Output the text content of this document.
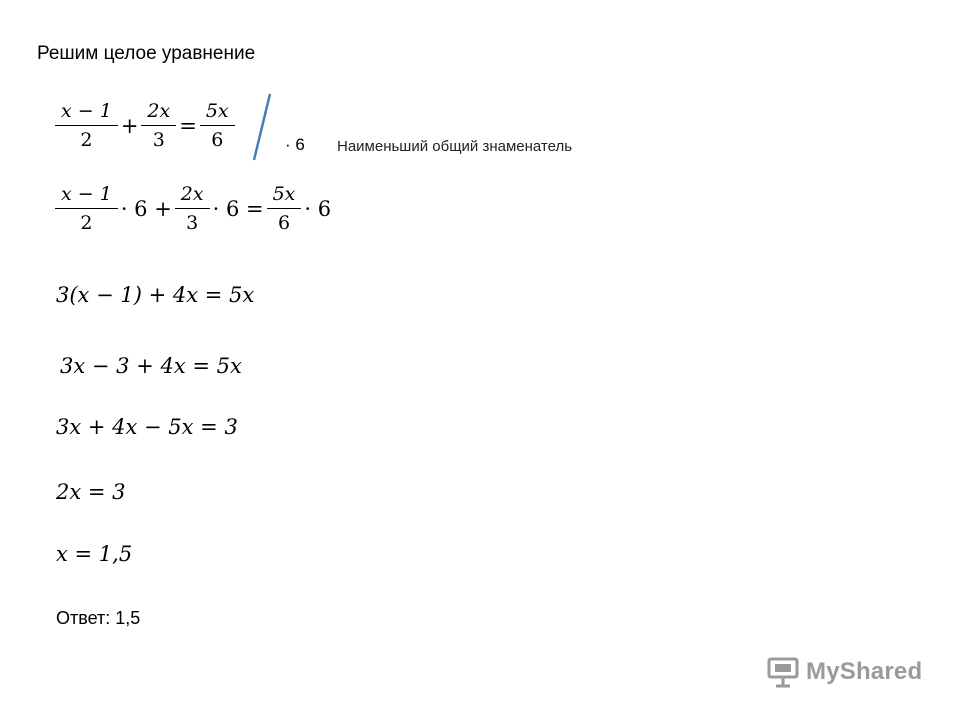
Решим целое уравнение
$\frac{x - 1}{2} + \frac{2x}{3} = \frac{5x}{6}$	· 6 Наименьший общий знаменатель
$\frac{x - 1}{2} \cdot 6 + \frac{2x}{3} \cdot 6 = \frac{5x}{6} \cdot 6$
3(x − 1) + 4x = 5x
3x − 3 + 4x = 5x
3x + 4x − 5x = 3
2x = 3
x = 1,5
Ответ: 1,5
MyShared
